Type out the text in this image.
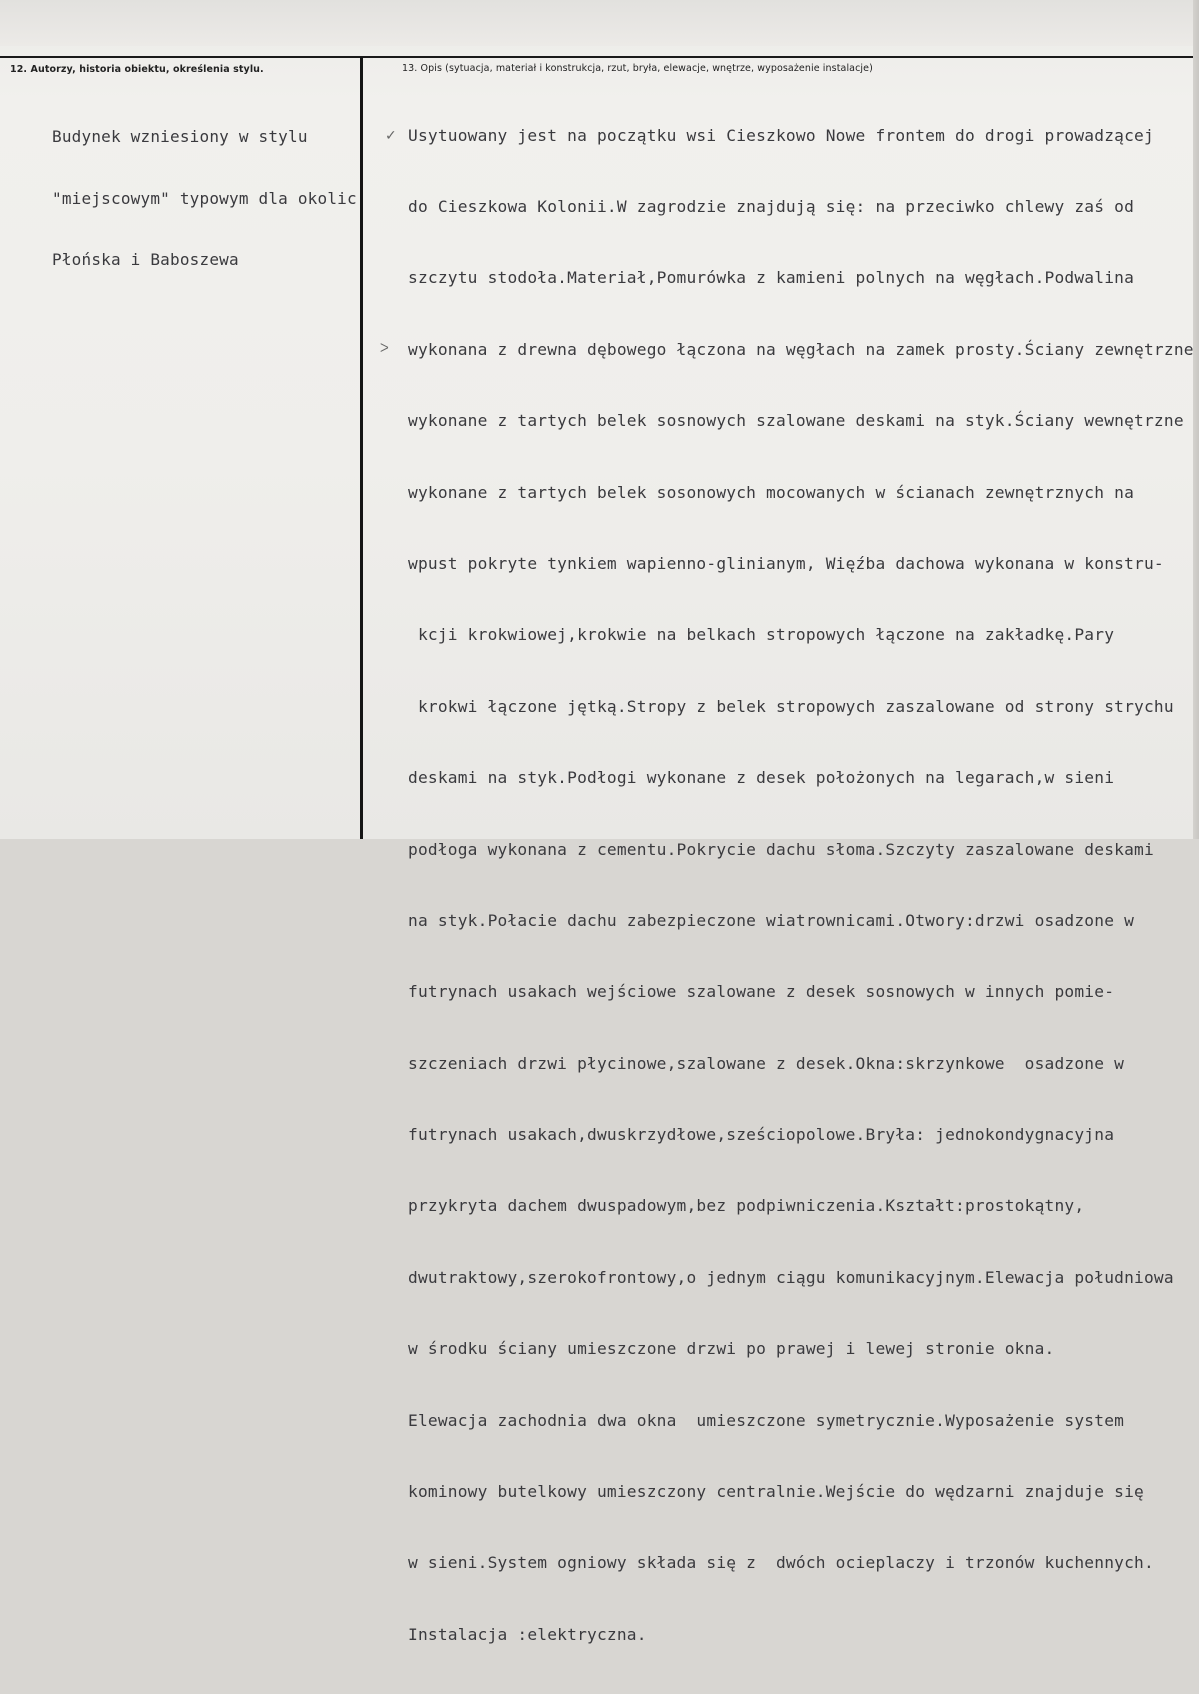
12. Autorzy, historia obiektu, określenia stylu.	13. Opis (sytuacja, materiał i konstrukcja, rzut, bryła, elewacje, wnętrze, wyposażenie instalacje)

Budynek wzniesiony w stylu

"miejscowym" typowym dla okolic

Płońska i Baboszewa

✓
ᐳ

Usytuowany jest na początku wsi Cieszkowo Nowe frontem do drogi prowadzącej

do Cieszkowa Kolonii.W zagrodzie znajdują się: na przeciwko chlewy zaś od

szczytu stodoła.Materiał,Pomurówka z kamieni polnych na węgłach.Podwalina

wykonana z drewna dębowego łączona na węgłach na zamek prosty.Ściany zewnętrzne

wykonane z tartych belek sosnowych szalowane deskami na styk.Ściany wewnętrzne

wykonane z tartych belek sosonowych mocowanych w ścianach zewnętrznych na

wpust pokryte tynkiem wapienno-glinianym, Więźba dachowa wykonana w konstru-

kcji krokwiowej,krokwie na belkach stropowych łączone na zakładkę.Pary

krokwi łączone jętką.Stropy z belek stropowych zaszalowane od strony strychu

deskami na styk.Podłogi wykonane z desek położonych na legarach,w sieni

podłoga wykonana z cementu.Pokrycie dachu słoma.Szczyty zaszalowane deskami

na styk.Połacie dachu zabezpieczone wiatrownicami.Otwory:drzwi osadzone w

futrynach usakach wejściowe szalowane z desek sosnowych w innych pomie-

szczeniach drzwi płycinowe,szalowane z desek.Okna:skrzynkowe  osadzone w

futrynach usakach,dwuskrzydłowe,sześciopolowe.Bryła: jednokondygnacyjna

przykryta dachem dwuspadowym,bez podpiwniczenia.Kształt:prostokątny,

dwutraktowy,szerokofrontowy,o jednym ciągu komunikacyjnym.Elewacja południowa

w środku ściany umieszczone drzwi po prawej i lewej stronie okna.

Elewacja zachodnia dwa okna  umieszczone symetrycznie.Wyposażenie system

kominowy butelkowy umieszczony centralnie.Wejście do wędzarni znajduje się

w sieni.System ogniowy składa się z  dwóch ocieplaczy i trzonów kuchennych.

Instalacja :elektryczna.
